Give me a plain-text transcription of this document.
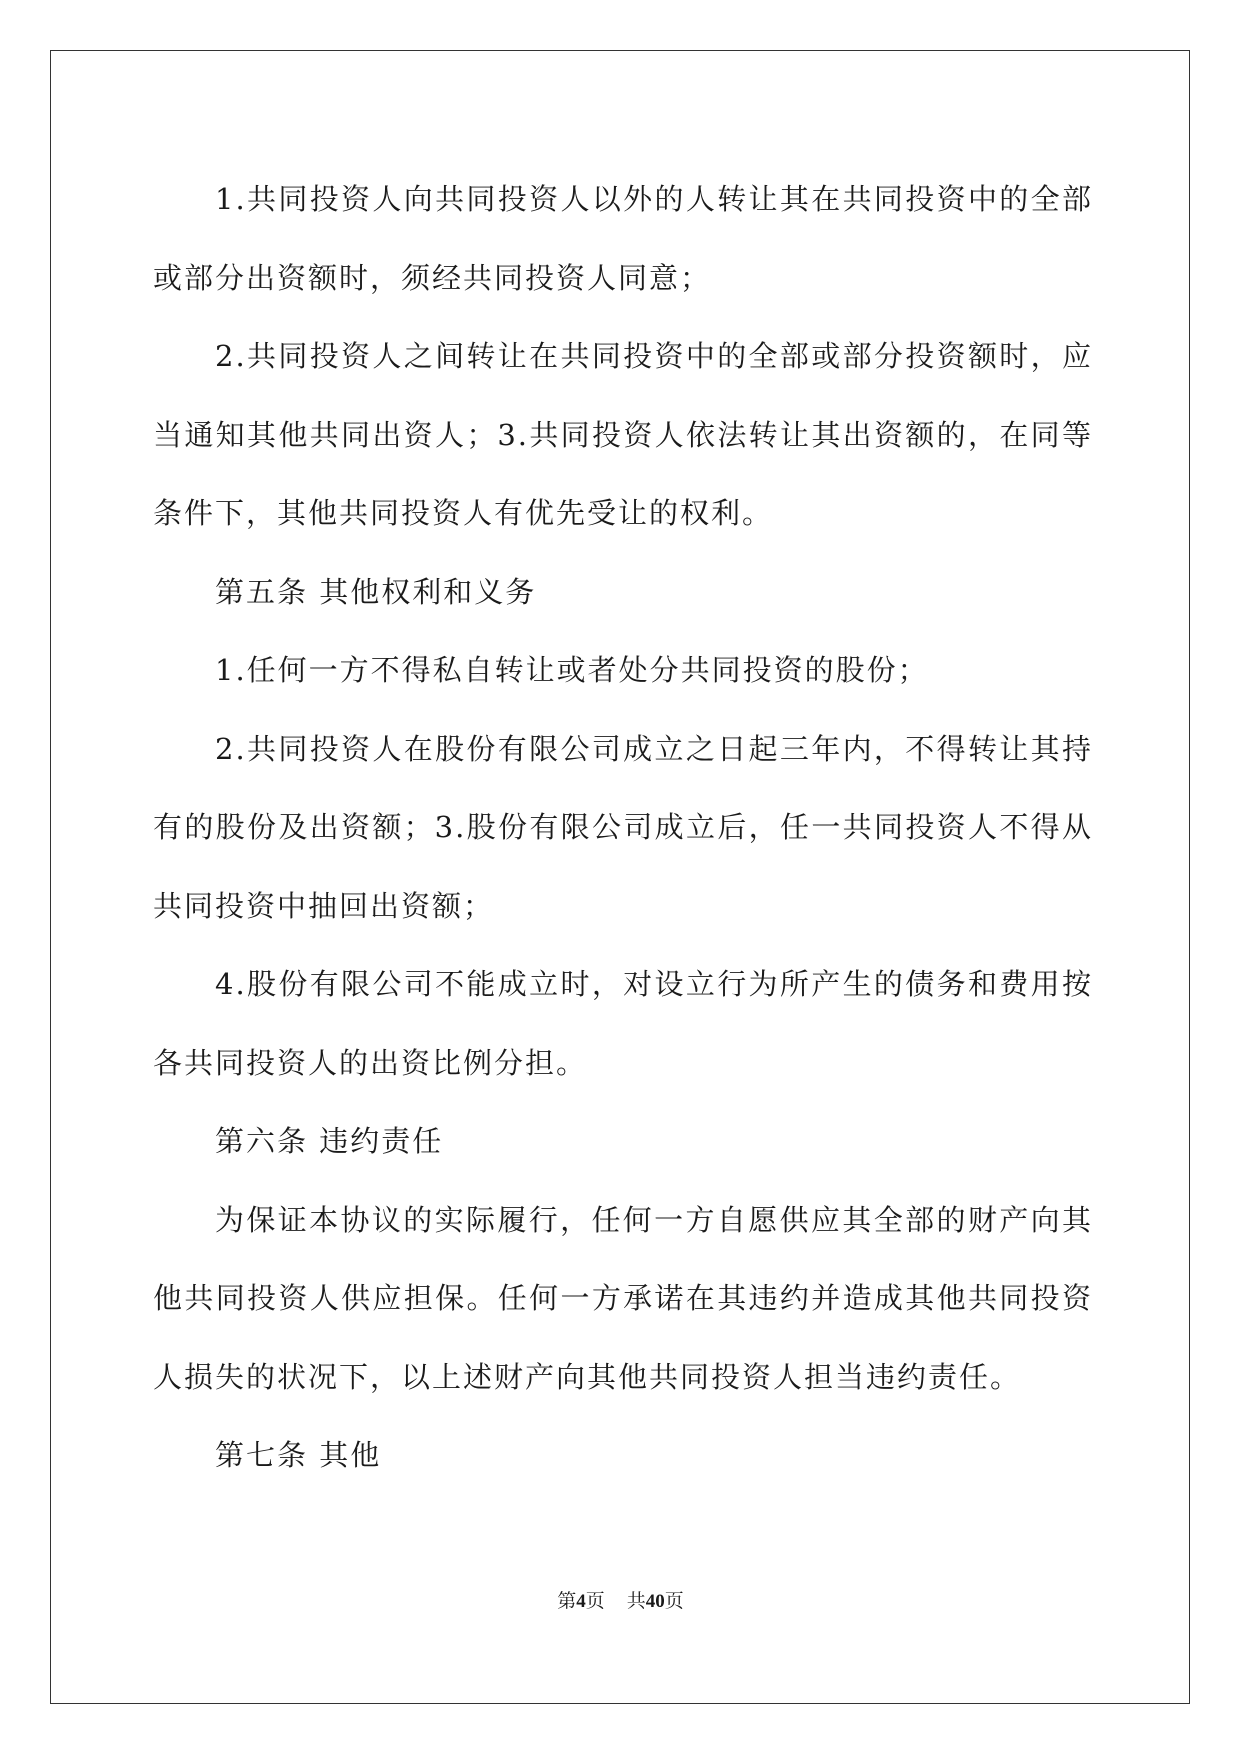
1.共同投资人向共同投资人以外的人转让其在共同投资中的全部或部分出资额时，须经共同投资人同意；

2.共同投资人之间转让在共同投资中的全部或部分投资额时，应当通知其他共同出资人；3.共同投资人依法转让其出资额的，在同等条件下，其他共同投资人有优先受让的权利。

第五条 其他权利和义务

1.任何一方不得私自转让或者处分共同投资的股份；

2.共同投资人在股份有限公司成立之日起三年内，不得转让其持有的股份及出资额；3.股份有限公司成立后，任一共同投资人不得从共同投资中抽回出资额；

4.股份有限公司不能成立时，对设立行为所产生的债务和费用按各共同投资人的出资比例分担。

第六条 违约责任

为保证本协议的实际履行，任何一方自愿供应其全部的财产向其他共同投资人供应担保。任何一方承诺在其违约并造成其他共同投资人损失的状况下，以上述财产向其他共同投资人担当违约责任。

第七条 其他

第4页 共40页
